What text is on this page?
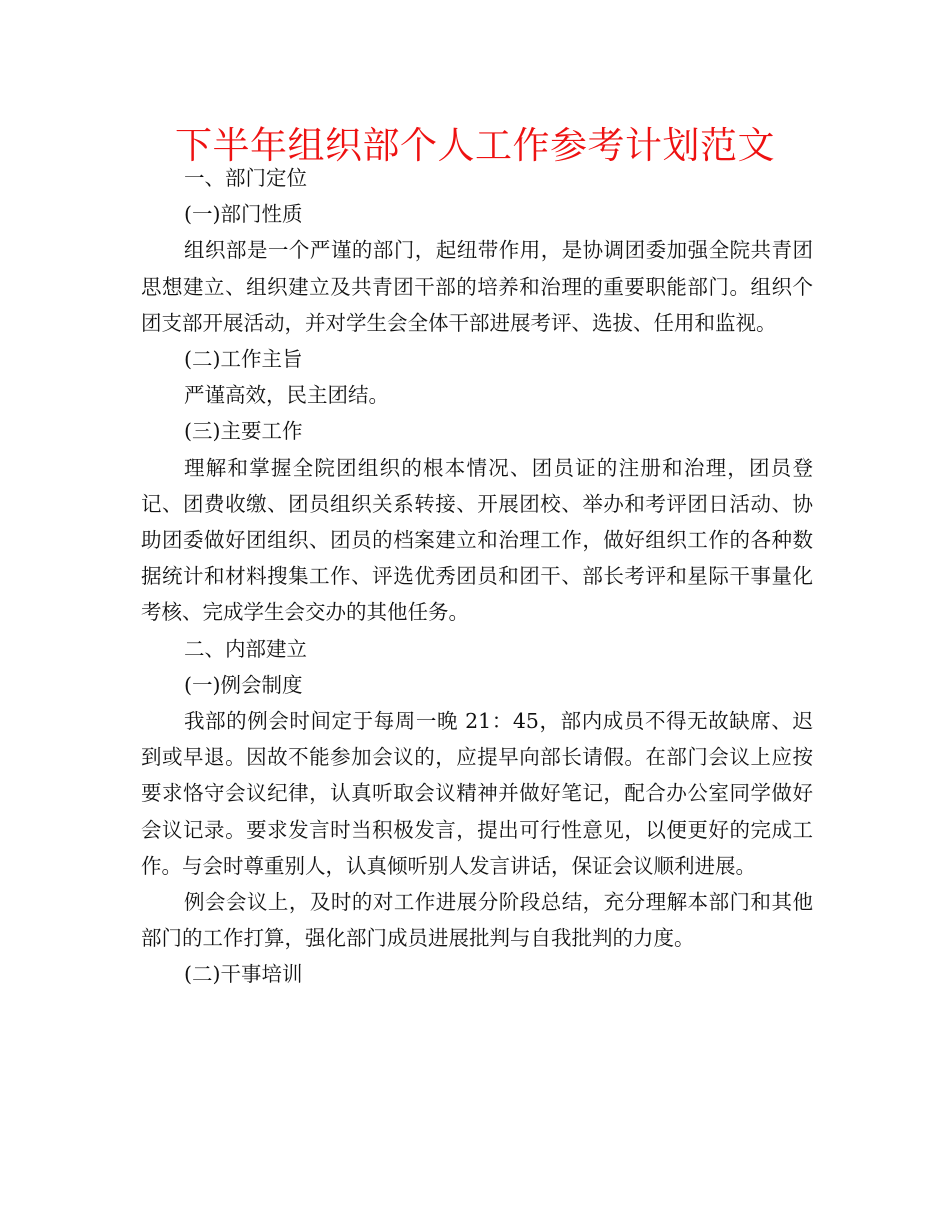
下半年组织部个人工作参考计划范文

一、部门定位

(一)部门性质

组织部是一个严谨的部门，起纽带作用，是协调团委加强全院共青团思想建立、组织建立及共青团干部的培养和治理的重要职能部门。组织个团支部开展活动，并对学生会全体干部进展考评、选拔、任用和监视。

(二)工作主旨

严谨高效，民主团结。

(三)主要工作

理解和掌握全院团组织的根本情况、团员证的注册和治理，团员登记、团费收缴、团员组织关系转接、开展团校、举办和考评团日活动、协助团委做好团组织、团员的档案建立和治理工作，做好组织工作的各种数据统计和材料搜集工作、评选优秀团员和团干、部长考评和星际干事量化考核、完成学生会交办的其他任务。

二、内部建立

(一)例会制度

我部的例会时间定于每周一晚 21：45，部内成员不得无故缺席、迟到或早退。因故不能参加会议的，应提早向部长请假。在部门会议上应按要求恪守会议纪律，认真听取会议精神并做好笔记，配合办公室同学做好会议记录。要求发言时当积极发言，提出可行性意见，以便更好的完成工作。与会时尊重别人，认真倾听别人发言讲话，保证会议顺利进展。

例会会议上，及时的对工作进展分阶段总结，充分理解本部门和其他部门的工作打算，强化部门成员进展批判与自我批判的力度。

(二)干事培训
